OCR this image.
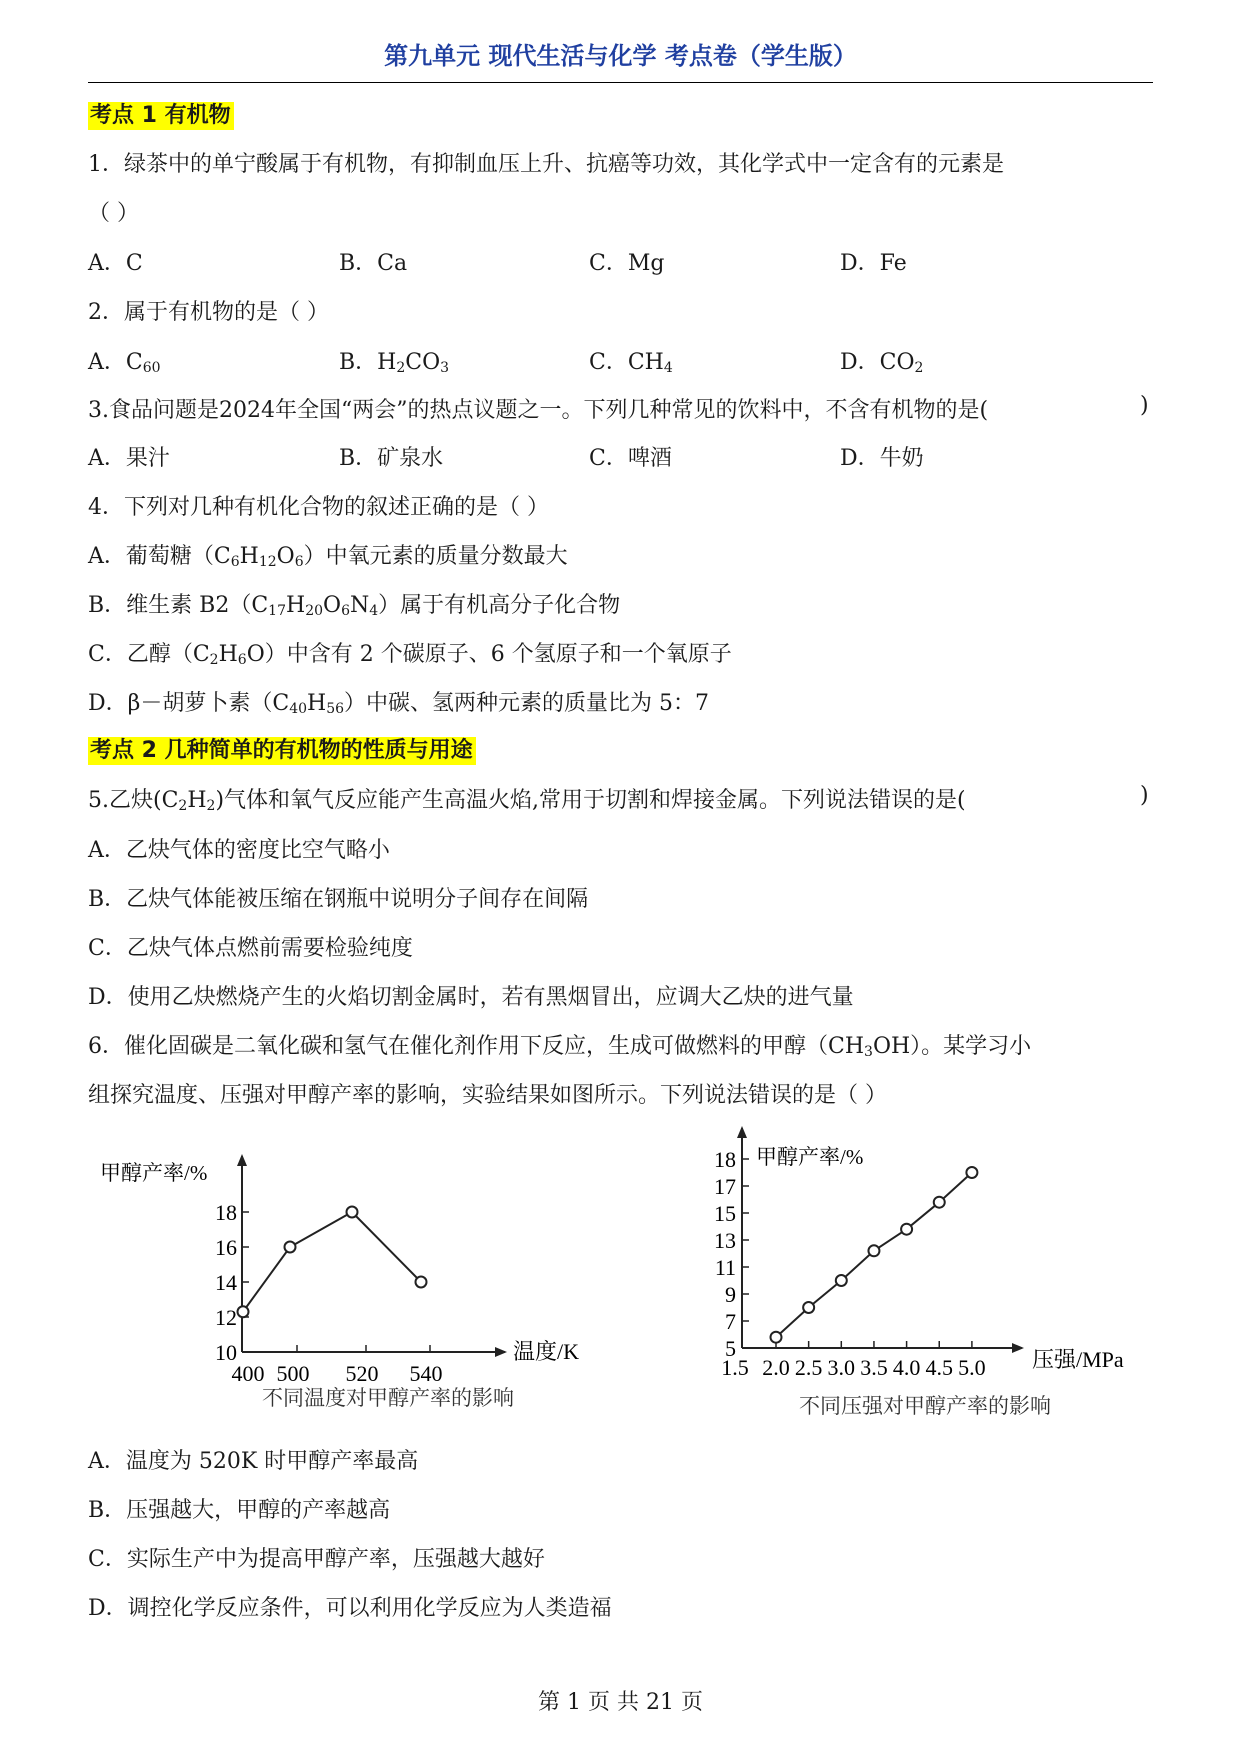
第九单元 现代生活与化学 考点卷（学生版）
考点 1 有机物
1．绿茶中的单宁酸属于有机物，有抑制血压上升、抗癌等功效，其化学式中一定含有的元素是
（ ）
A．C	B．Ca	C．Mg	D．Fe
2．属于有机物的是（ ）
A．$C_{60}$	B．$H_2CO_3$	C．$CH_4$	D．$CO_2$
3.食品问题是2024年全国“两会”的热点议题之一。下列几种常见的饮料中，不含有机物的是(	)
A．果汁	B．矿泉水	C．啤酒	D．牛奶
4．下列对几种有机化合物的叙述正确的是（ ）
A．葡萄糖$(C_6H_{12}O_6)$中氧元素的质量分数最大
B．维生素 $B2(C_{17}H_{20}O_6N_4)$属于有机高分子化合物
C．乙醇$(C_2H_6O)$中含有 2 个碳原子、6 个氢原子和一个氧原子
D．β－胡萝卜素$(C_{40}H_{56})$中碳、氢两种元素的质量比为 5：7
考点 2 几种简单的有机物的性质与用途
5.乙炔$(C_2H_2)$气体和氧气反应能产生高温火焰,常用于切割和焊接金属。下列说法错误的是(	)
A．乙炔气体的密度比空气略小
B．乙炔气体能被压缩在钢瓶中说明分子间存在间隔
C．乙炔气体点燃前需要检验纯度
D．使用乙炔燃烧产生的火焰切割金属时，若有黑烟冒出，应调大乙炔的进气量
6．催化固碳是二氧化碳和氢气在催化剂作用下反应，生成可做燃料的甲醇$(CH_3OH)$。某学习小
组探究温度、压强对甲醇产率的影响，实验结果如图所示。下列说法错误的是（ ）
甲醇产率/%
温度/K
10
12
14
16
18
400 500 520 540
不同温度对甲醇产率的影响
甲醇产率/%
压强/MPa
5
7
9
11
13
15
17
18
1.5 2.0 2.5 3.0 3.5 4.0 4.5 5.0
不同压强对甲醇产率的影响
A．温度为 520K 时甲醇产率最高
B．压强越大，甲醇的产率越高
C．实际生产中为提高甲醇产率，压强越大越好
D．调控化学反应条件，可以利用化学反应为人类造福
第 1 页 共 21 页
